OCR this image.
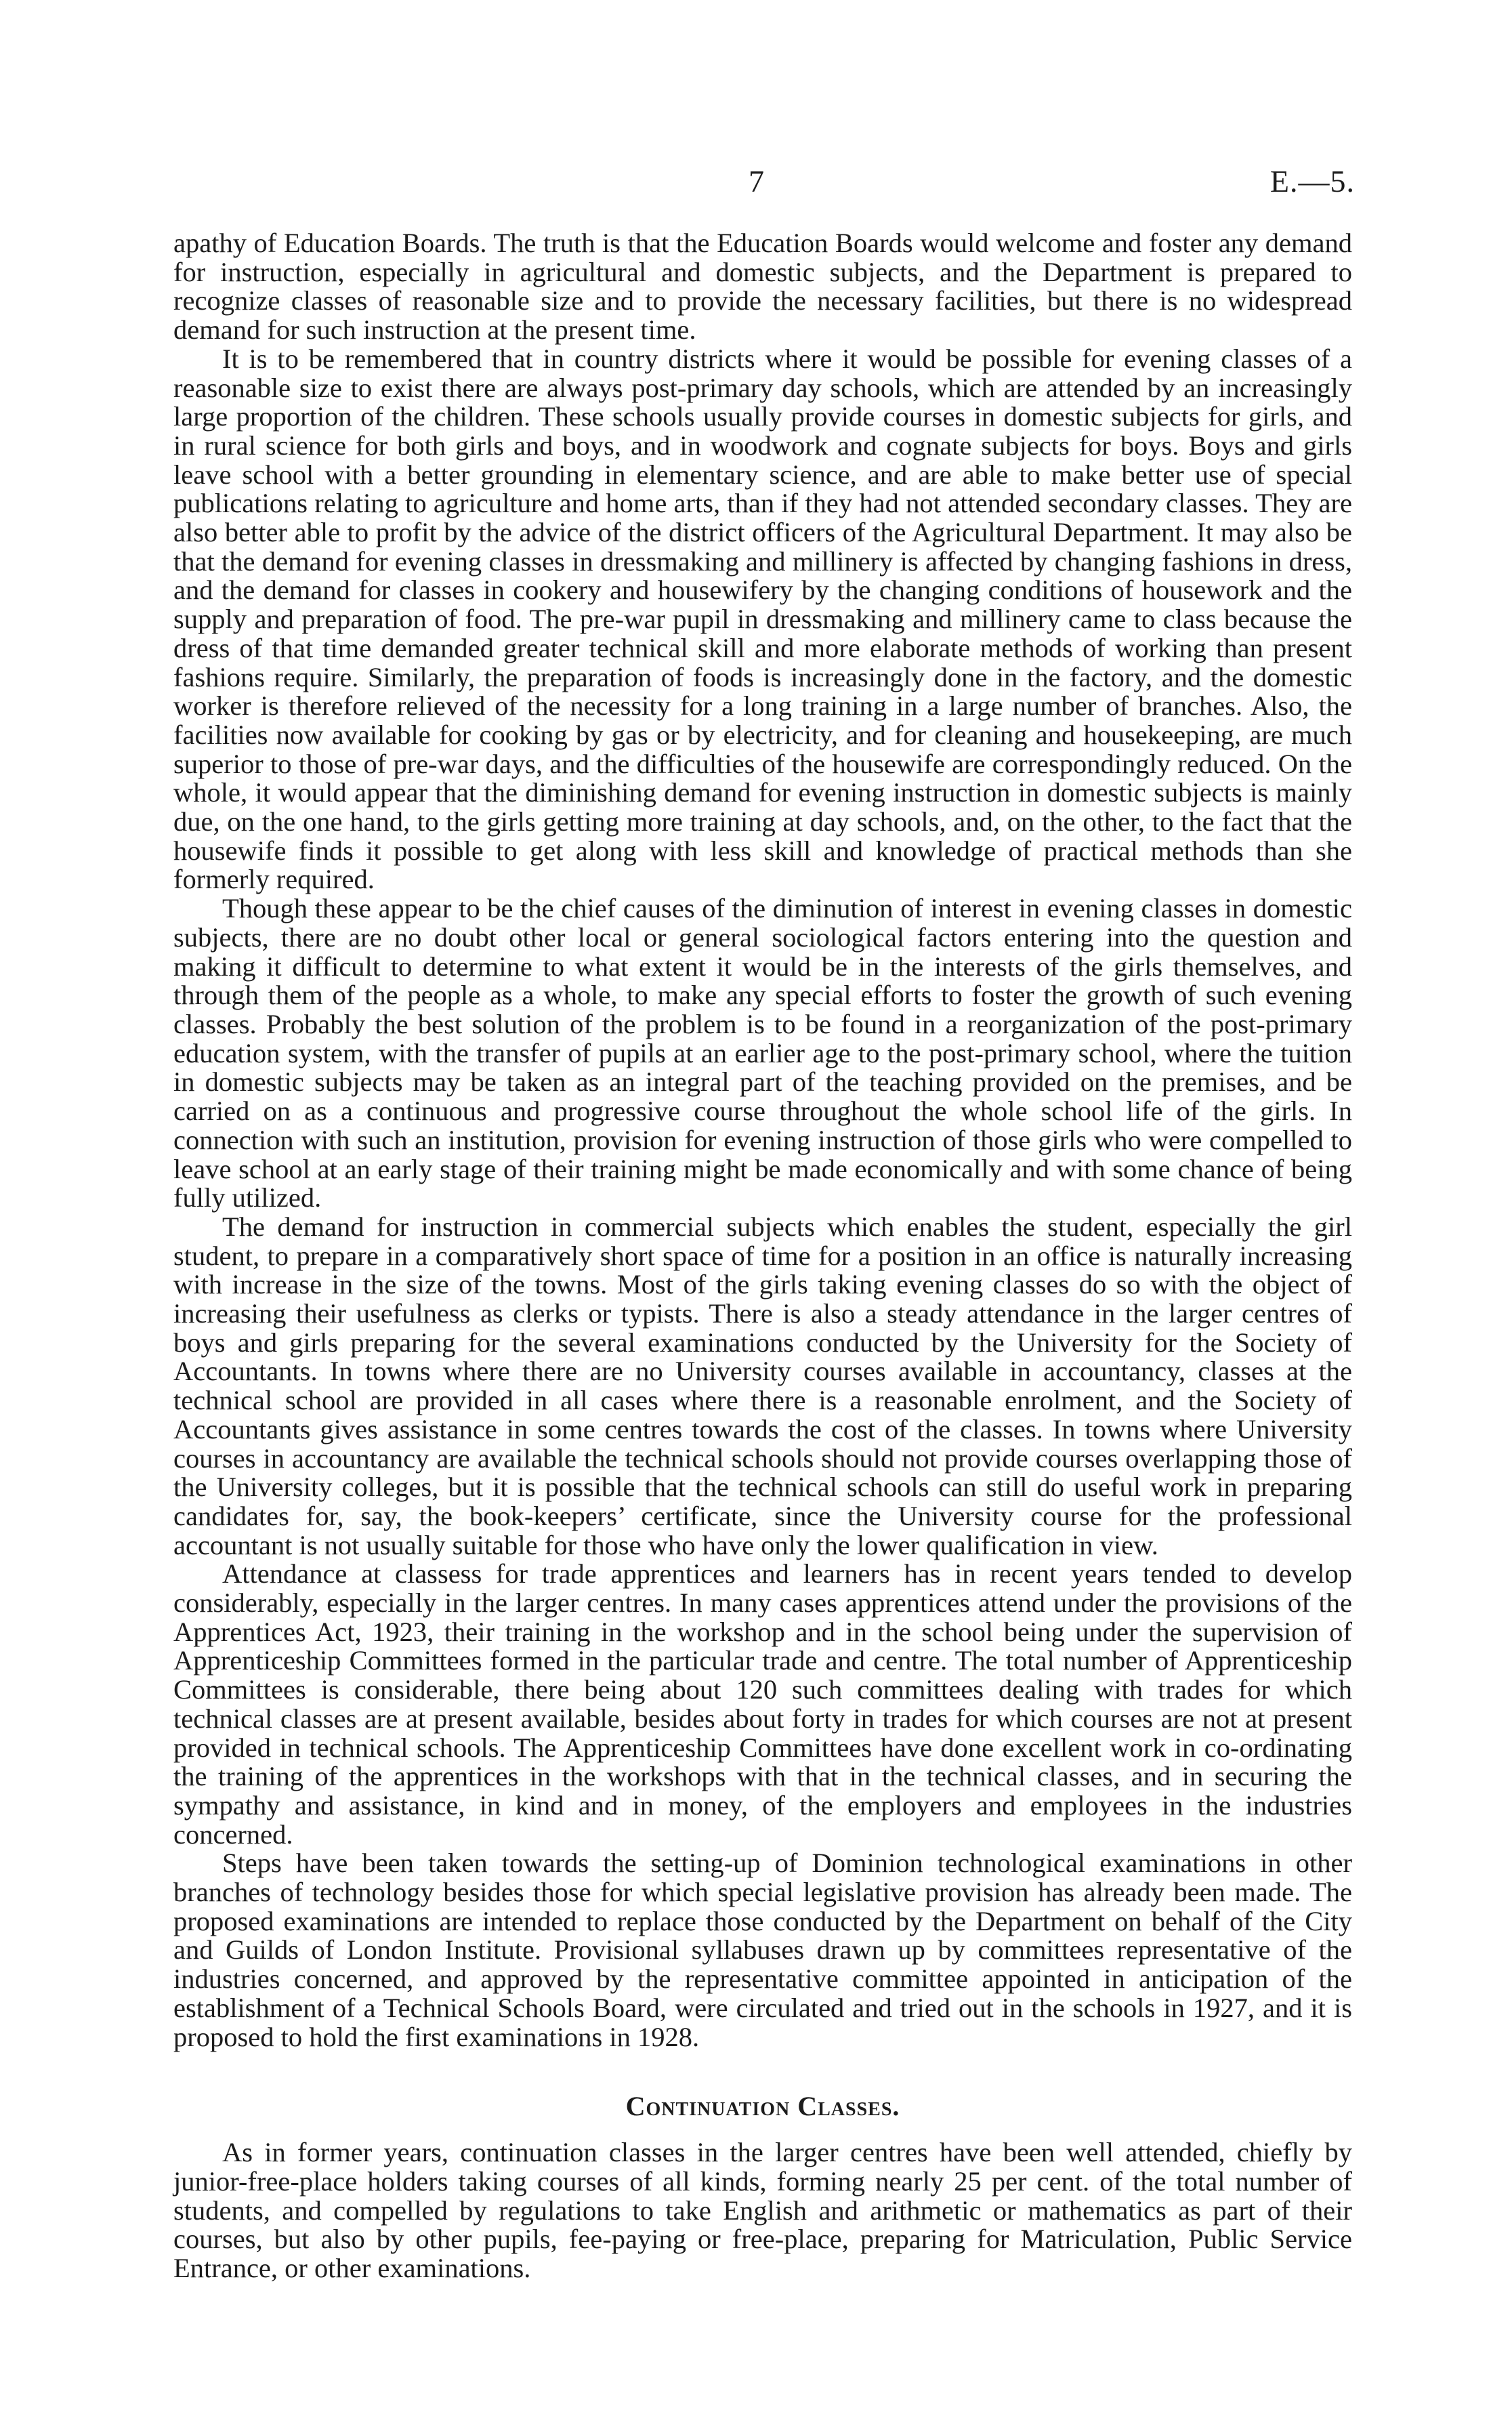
7	E.—5.

apathy of Education Boards. The truth is that the Education Boards would welcome and foster any demand for instruction, especially in agricultural and domestic subjects, and the Department is prepared to recognize classes of reasonable size and to provide the necessary facilities, but there is no widespread demand for such instruction at the present time.

It is to be remembered that in country districts where it would be possible for evening classes of a reasonable size to exist there are always post-primary day schools, which are attended by an increasingly large proportion of the children. These schools usually provide courses in domestic subjects for girls, and in rural science for both girls and boys, and in woodwork and cognate subjects for boys. Boys and girls leave school with a better grounding in elementary science, and are able to make better use of special publications relating to agriculture and home arts, than if they had not attended secondary classes. They are also better able to profit by the advice of the district officers of the Agricultural Department. It may also be that the demand for evening classes in dressmaking and millinery is affected by changing fashions in dress, and the demand for classes in cookery and housewifery by the changing conditions of housework and the supply and preparation of food. The pre-war pupil in dressmaking and millinery came to class because the dress of that time demanded greater technical skill and more elaborate methods of working than present fashions require. Similarly, the preparation of foods is increasingly done in the factory, and the domestic worker is therefore relieved of the necessity for a long training in a large number of branches. Also, the facilities now available for cooking by gas or by electricity, and for cleaning and housekeeping, are much superior to those of pre-war days, and the difficulties of the housewife are correspondingly reduced. On the whole, it would appear that the diminishing demand for evening instruction in domestic subjects is mainly due, on the one hand, to the girls getting more training at day schools, and, on the other, to the fact that the housewife finds it possible to get along with less skill and knowledge of practical methods than she formerly required.

Though these appear to be the chief causes of the diminution of interest in evening classes in domestic subjects, there are no doubt other local or general sociological factors entering into the question and making it difficult to determine to what extent it would be in the interests of the girls themselves, and through them of the people as a whole, to make any special efforts to foster the growth of such evening classes. Probably the best solution of the problem is to be found in a reorganization of the post-primary education system, with the transfer of pupils at an earlier age to the post-primary school, where the tuition in domestic subjects may be taken as an integral part of the teaching provided on the premises, and be carried on as a continuous and progressive course throughout the whole school life of the girls. In connection with such an institution, provision for evening instruction of those girls who were compelled to leave school at an early stage of their training might be made economically and with some chance of being fully utilized.

The demand for instruction in commercial subjects which enables the student, especially the girl student, to prepare in a comparatively short space of time for a position in an office is naturally increasing with increase in the size of the towns. Most of the girls taking evening classes do so with the object of increasing their usefulness as clerks or typists. There is also a steady attendance in the larger centres of boys and girls preparing for the several examinations conducted by the University for the Society of Accountants. In towns where there are no University courses available in accountancy, classes at the technical school are provided in all cases where there is a reasonable enrolment, and the Society of Accountants gives assistance in some centres towards the cost of the classes. In towns where University courses in accountancy are available the technical schools should not provide courses overlapping those of the University colleges, but it is possible that the technical schools can still do useful work in preparing candidates for, say, the book-keepers’ certificate, since the University course for the professional accountant is not usually suitable for those who have only the lower qualification in view.

Attendance at classess for trade apprentices and learners has in recent years tended to develop considerably, especially in the larger centres. In many cases apprentices attend under the provisions of the Apprentices Act, 1923, their training in the workshop and in the school being under the supervision of Apprenticeship Committees formed in the particular trade and centre. The total number of Apprenticeship Committees is considerable, there being about 120 such committees dealing with trades for which technical classes are at present available, besides about forty in trades for which courses are not at present provided in technical schools. The Apprenticeship Committees have done excellent work in co-ordinating the training of the apprentices in the workshops with that in the technical classes, and in securing the sympathy and assistance, in kind and in money, of the employers and employees in the industries concerned.

Steps have been taken towards the setting-up of Dominion technological examinations in other branches of technology besides those for which special legislative provision has already been made. The proposed examinations are intended to replace those conducted by the Department on behalf of the City and Guilds of London Institute. Provisional syllabuses drawn up by committees representative of the industries concerned, and approved by the representative committee appointed in anticipation of the establishment of a Technical Schools Board, were circulated and tried out in the schools in 1927, and it is proposed to hold the first examinations in 1928.

Continuation Classes.

As in former years, continuation classes in the larger centres have been well attended, chiefly by junior-free-place holders taking courses of all kinds, forming nearly 25 per cent. of the total number of students, and compelled by regulations to take English and arithmetic or mathematics as part of their courses, but also by other pupils, fee-paying or free-place, preparing for Matriculation, Public Service Entrance, or other examinations.
